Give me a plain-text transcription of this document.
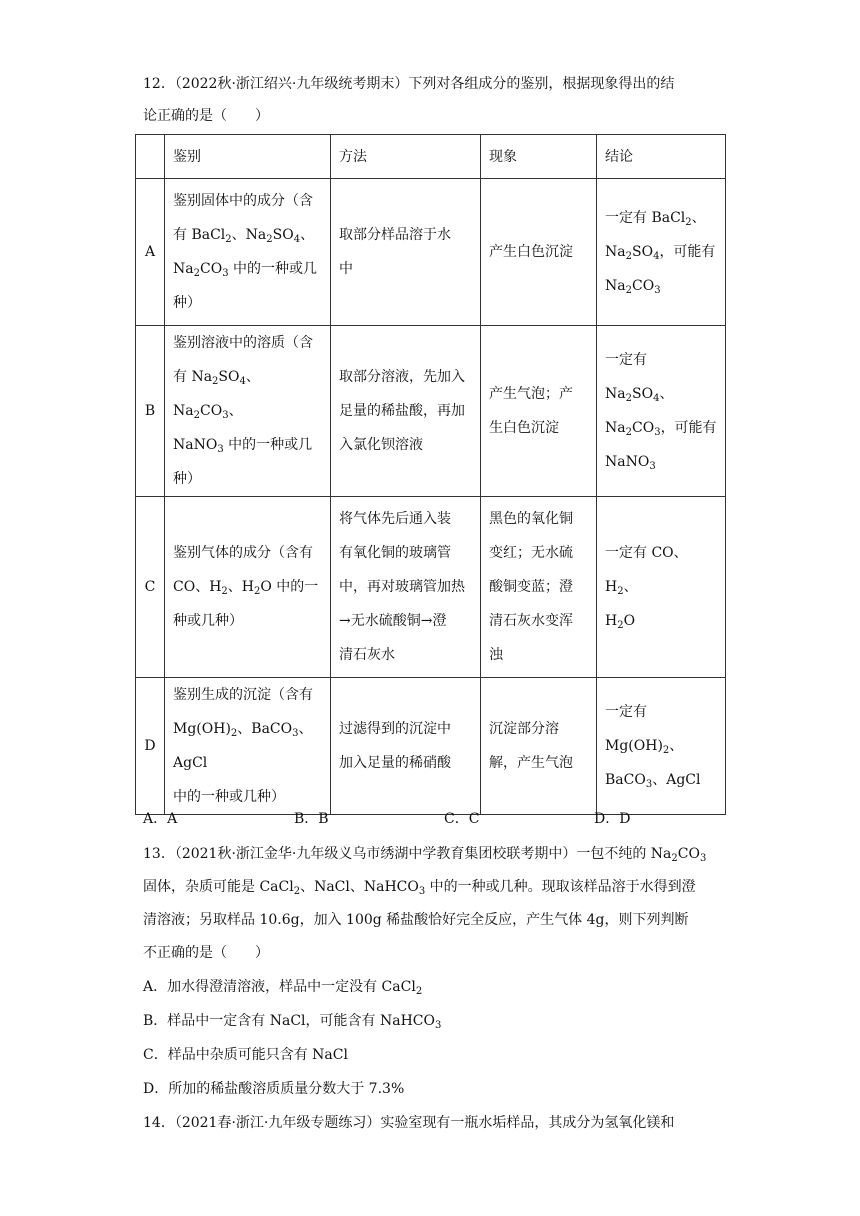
12．（2022秋·浙江绍兴·九年级统考期末）下列对各组成分的鉴别，根据现象得出的结
论正确的是（　　）
	鉴别	方法	现象	结论
A	鉴别固体中的成分（含
有 BaCl$_2$、$Na_2SO_4$、
$Na_2CO_3$ 中的一种或几
种）	取部分样品溶于水
中	产生白色沉淀	一定有 BaCl$_2$、
$Na_2SO_4$，可能有
$Na_2CO_3$
B	鉴别溶液中的溶质（含
有 $Na_2SO_4$、$Na_2CO_3$、
NaNO$_3$ 中的一种或几
种）	取部分溶液，先加入
足量的稀盐酸，再加
入氯化钡溶液	产生气泡；产
生白色沉淀	一定有 $Na_2SO_4$、
$Na_2CO_3$，可能有
NaNO$_3$
C	鉴别气体的成分（含有
CO、$H_2$、$H_2O$ 中的一
种或几种）	将气体先后通入装
有氧化铜的玻璃管
中，再对玻璃管加热
→无水硫酸铜→澄
清石灰水	黑色的氧化铜
变红；无水硫
酸铜变蓝；澄
清石灰水变浑
浊	一定有 CO、$H_2$、
$H_2O$
D	鉴别生成的沉淀（含有
$Mg(OH)_2$、BaCO$_3$、AgCl
中的一种或几种）	过滤得到的沉淀中
加入足量的稀硝酸	沉淀部分溶
解，产生气泡	一定有
$Mg(OH)_2$、
BaCO$_3$、AgCl
A．A	B．B	C．C	D．D
13．（2021秋·浙江金华·九年级义乌市绣湖中学教育集团校联考期中）一包不纯的 $Na_2CO_3$
固体，杂质可能是 CaCl$_2$、NaCl、NaHCO$_3$ 中的一种或几种。现取该样品溶于水得到澄
清溶液；另取样品 10.6g，加入 100g 稀盐酸恰好完全反应，产生气体 4g，则下列判断
不正确的是（　　）
A．加水得澄清溶液，样品中一定没有 CaCl$_2$
B．样品中一定含有 NaCl，可能含有 NaHCO$_3$
C．样品中杂质可能只含有 NaCl
D．所加的稀盐酸溶质质量分数大于 7.3%
14．（2021春·浙江·九年级专题练习）实验室现有一瓶水垢样品，其成分为氢氧化镁和
